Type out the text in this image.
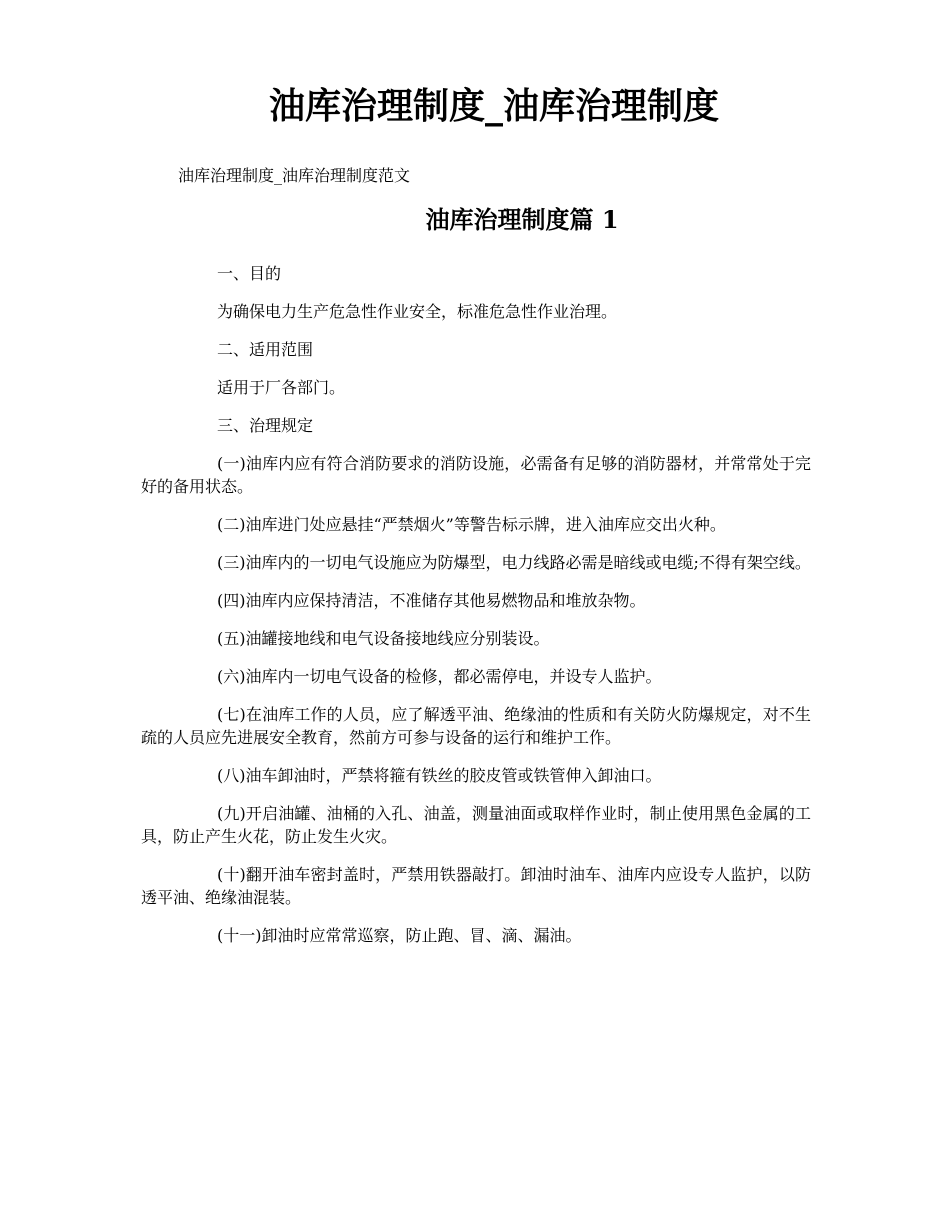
油库治理制度_油库治理制度

油库治理制度_油库治理制度范文

油库治理制度篇 1

一、目的

为确保电力生产危急性作业安全，标准危急性作业治理。

二、适用范围

适用于厂各部门。

三、治理规定

(一)油库内应有符合消防要求的消防设施，必需备有足够的消防器材，并常常处于完好的备用状态。

(二)油库进门处应悬挂“严禁烟火”等警告标示牌，进入油库应交出火种。

(三)油库内的一切电气设施应为防爆型，电力线路必需是暗线或电缆;不得有架空线。

(四)油库内应保持清洁，不准储存其他易燃物品和堆放杂物。

(五)油罐接地线和电气设备接地线应分别装设。

(六)油库内一切电气设备的检修，都必需停电，并设专人监护。

(七)在油库工作的人员，应了解透平油、绝缘油的性质和有关防火防爆规定，对不生疏的人员应先进展安全教育，然前方可参与设备的运行和维护工作。

(八)油车卸油时，严禁将箍有铁丝的胶皮管或铁管伸入卸油口。

(九)开启油罐、油桶的入孔、油盖，测量油面或取样作业时，制止使用黑色金属的工具，防止产生火花，防止发生火灾。

(十)翻开油车密封盖时，严禁用铁器敲打。卸油时油车、油库内应设专人监护，以防透平油、绝缘油混装。

(十一)卸油时应常常巡察，防止跑、冒、滴、漏油。
